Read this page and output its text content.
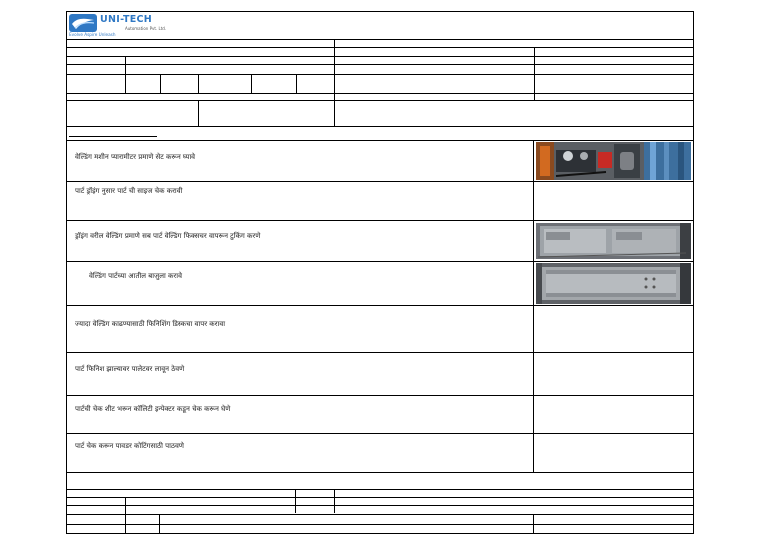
UNI-TECH
Automation Pvt. Ltd.
Evolve Aspire Unleash
वेल्डिंग मशीन प्यारामीटर प्रमाणे सेट करून घ्यावे
पार्ट ड्रॉइंग नुसार पार्ट ची साइज चेक करावी
ड्रॉइंग वरील वेल्डिंग प्रमाणे सब पार्ट वेल्डिंग फिक्सचर वापरून टुकिंग करणे
वेल्डिंग पार्टच्या आतील बाजुला करावे
ज्यादा वेल्डिंग काढण्यासाठी फिनिशिंग डिस्कचा वापर करावा
पार्ट फिनिश झाल्यावर पालेटवर लावून ठेवणे
पार्टची चेक शीट भरून कॉलिटी इन्पेक्टर कडून चेक करून घेणे
पार्ट चेक करून पावडर कोटिंगसाठी पाठवणे
